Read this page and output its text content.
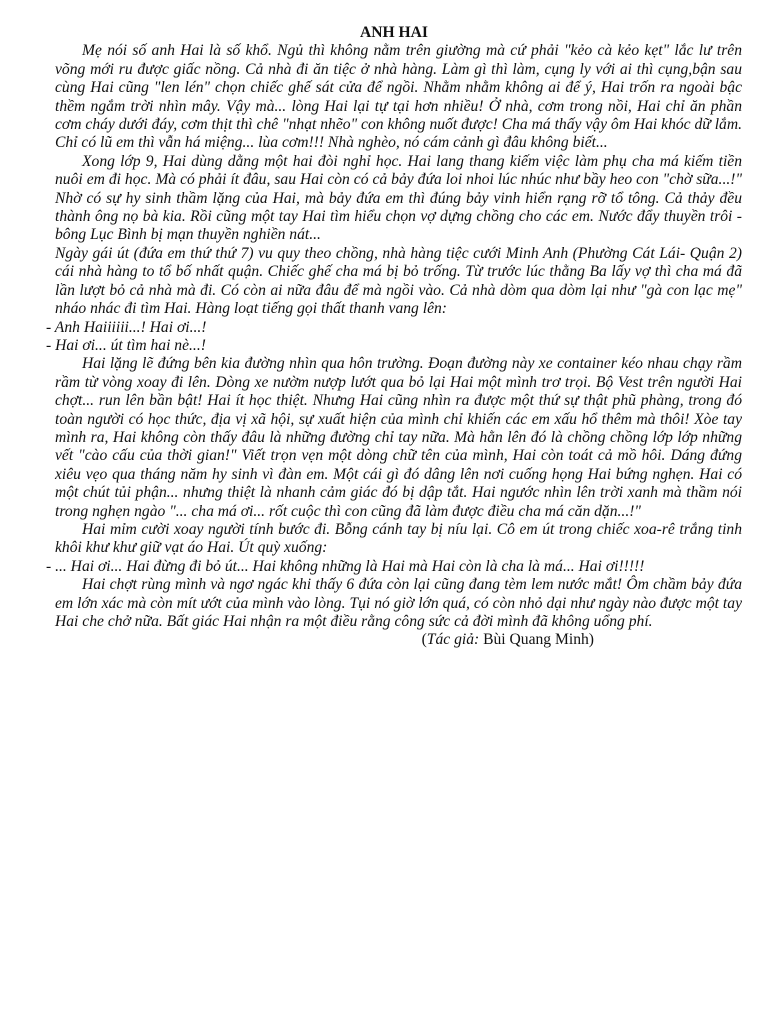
ANH HAI

Mẹ nói số anh Hai là số khổ. Ngủ thì không nằm trên giường mà cứ phải "kẻo cà kẻo kẹt" lắc lư trên võng mới ru được giấc nồng. Cả nhà đi ăn tiệc ở nhà hàng. Làm gì thì làm, cụng ly với ai thì cụng,bận sau cùng Hai cũng "len lén" chọn chiếc ghế sát cửa để ngồi. Nhằm nhằm không ai để ý, Hai trốn ra ngoài bậc thềm ngắm trời nhìn mây. Vậy mà... lòng Hai lại tự tại hơn nhiều! Ở nhà, cơm trong nồi, Hai chỉ ăn phần cơm cháy dưới đáy, cơm thịt thì chê "nhạt nhẽo" con không nuốt được! Cha má thấy vậy ôm Hai khóc dữ lắm. Chỉ có lũ em thì vẫn há miệng... lùa cơm!!! Nhà nghèo, nó cám cảnh gì đâu không biết...

Xong lớp 9, Hai dùng dằng một hai đòi nghỉ học. Hai lang thang kiếm việc làm phụ cha má kiếm tiền nuôi em đi học. Mà có phải ít đâu, sau Hai còn có cả bảy đứa loi nhoi lúc nhúc như bầy heo con "chờ sữa...!" Nhờ có sự hy sinh thầm lặng của Hai, mà bảy đứa em thì đúng bảy vinh hiển rạng rỡ tổ tông. Cả thảy đều thành ông nọ bà kia. Rồi cũng một tay Hai tìm hiểu chọn vợ dựng chồng cho các em. Nước đẩy thuyền trôi - bông Lục Bình bị mạn thuyền nghiền nát...

Ngày gái út (đứa em thứ thứ 7) vu quy theo chồng, nhà hàng tiệc cưới Minh Anh (Phường Cát Lái- Quận 2) cái nhà hàng to tổ bố nhất quận. Chiếc ghế cha má bị bỏ trống. Từ trước lúc thằng Ba lấy vợ thì cha má đã lần lượt bỏ cả nhà mà đi. Có còn ai nữa đâu để mà ngồi vào. Cả nhà dòm qua dòm lại như "gà con lạc mẹ" nháo nhác đi tìm Hai. Hàng loạt tiếng gọi thất thanh vang lên:

- Anh Haiiiiii...! Hai ơi...!

- Hai ơi... út tìm hai nè...!

Hai lặng lẽ đứng bên kia đường nhìn qua hôn trường. Đoạn đường này xe container kéo nhau chạy rầm rầm từ vòng xoay đi lên. Dòng xe nườm nượp lướt qua bỏ lại Hai một mình trơ trọi. Bộ Vest trên người Hai chợt... run lên bần bật! Hai ít học thiệt. Nhưng Hai cũng nhìn ra được một thứ sự thật phũ phàng, trong đó toàn người có học thức, địa vị xã hội, sự xuất hiện của mình chỉ khiến các em xấu hổ thêm mà thôi! Xòe tay mình ra, Hai không còn thấy đâu là những đường chỉ tay nữa. Mà hằn lên đó là chồng chồng lớp lớp những vết "cào cấu của thời gian!" Viết trọn vẹn một dòng chữ tên của mình, Hai còn toát cả mồ hôi. Dáng đứng xiêu vẹo qua tháng năm hy sinh vì đàn em. Một cái gì đó dâng lên nơi cuống họng Hai bứng nghẹn. Hai có một chút tủi phận... nhưng thiệt là nhanh cảm giác đó bị dập tắt. Hai ngước nhìn lên trời xanh mà thầm nói trong nghẹn ngào "... cha má ơi... rốt cuộc thì con cũng đã làm được điều cha má căn dặn...!"

Hai mỉm cười xoay người tính bước đi. Bỗng cánh tay bị níu lại. Cô em út trong chiếc xoa-rê trắng tinh khôi khư khư giữ vạt áo Hai. Út quỳ xuống:

- ... Hai ơi... Hai đừng đi bỏ út... Hai không những là Hai mà Hai còn là cha là má... Hai ơi!!!!!

Hai chợt rùng mình và ngơ ngác khi thấy 6 đứa còn lại cũng đang tèm lem nước mắt! Ôm chầm bảy đứa em lớn xác mà còn mít ướt của mình vào lòng. Tụi nó giờ lớn quá, có còn nhỏ dại như ngày nào được một tay Hai che chở nữa. Bất giác Hai nhận ra một điều rằng công sức cả đời mình đã không uổng phí.

(Tác giả: Bùi Quang Minh)
